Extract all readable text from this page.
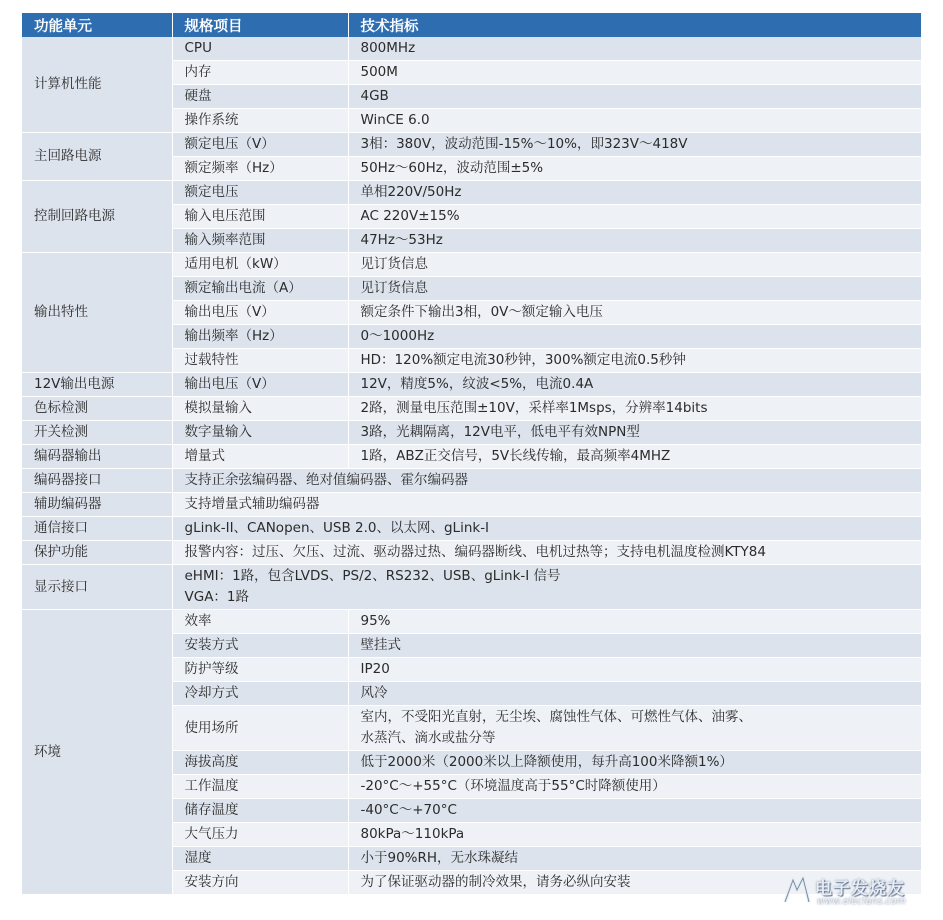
功能单元	规格项目	技术指标
计算机性能	CPU	800MHz
	内存	500M
	硬盘	4GB
	操作系统	WinCE 6.0
主回路电源	额定电压（V）	3相：380V，波动范围-15%～10%，即323V～418V
	额定频率（Hz）	50Hz～60Hz，波动范围±5%
控制回路电源	额定电压	单相220V/50Hz
	输入电压范围	AC 220V±15%
	输入频率范围	47Hz～53Hz
输出特性	适用电机（kW）	见订货信息
	额定输出电流（A）	见订货信息
	输出电压（V）	额定条件下输出3相，0V～额定输入电压
	输出频率（Hz）	0～1000Hz
	过载特性	HD：120%额定电流30秒钟，300%额定电流0.5秒钟
12V输出电源	输出电压（V）	12V，精度5%，纹波<5%，电流0.4A
色标检测	模拟量输入	2路，测量电压范围±10V，采样率1Msps，分辨率14bits
开关检测	数字量输入	3路，光耦隔离，12V电平，低电平有效NPN型
编码器输出	增量式	1路，ABZ正交信号，5V长线传输，最高频率4MHZ
编码器接口	支持正余弦编码器、绝对值编码器、霍尔编码器	
辅助编码器	支持增量式辅助编码器	
通信接口	gLink-II、CANopen、USB 2.0、以太网、gLink-I	
保护功能	报警内容：过压、欠压、过流、驱动器过热、编码器断线、电机过热等；支持电机温度检测KTY84	
显示接口	eHMI：1路，包含LVDS、PS/2、RS232、USB、gLink-I 信号
VGA：1路	

环境	效率	95%
	安装方式	壁挂式
	防护等级	IP20
	冷却方式	风冷
	使用场所	室内，不受阳光直射，无尘埃、腐蚀性气体、可燃性气体、油雾、
水蒸汽、滴水或盐分等

	海拔高度	低于2000米（2000米以上降额使用，每升高100米降额1%）
	工作温度	-20°C～+55°C（环境温度高于55°C时降额使用）
	储存温度	-40°C～+70°C
	大气压力	80kPa～110kPa
	湿度	小于90%RH，无水珠凝结
	安装方向	为了保证驱动器的制冷效果，请务必纵向安装	电子发烧友
www.elecfans.com
